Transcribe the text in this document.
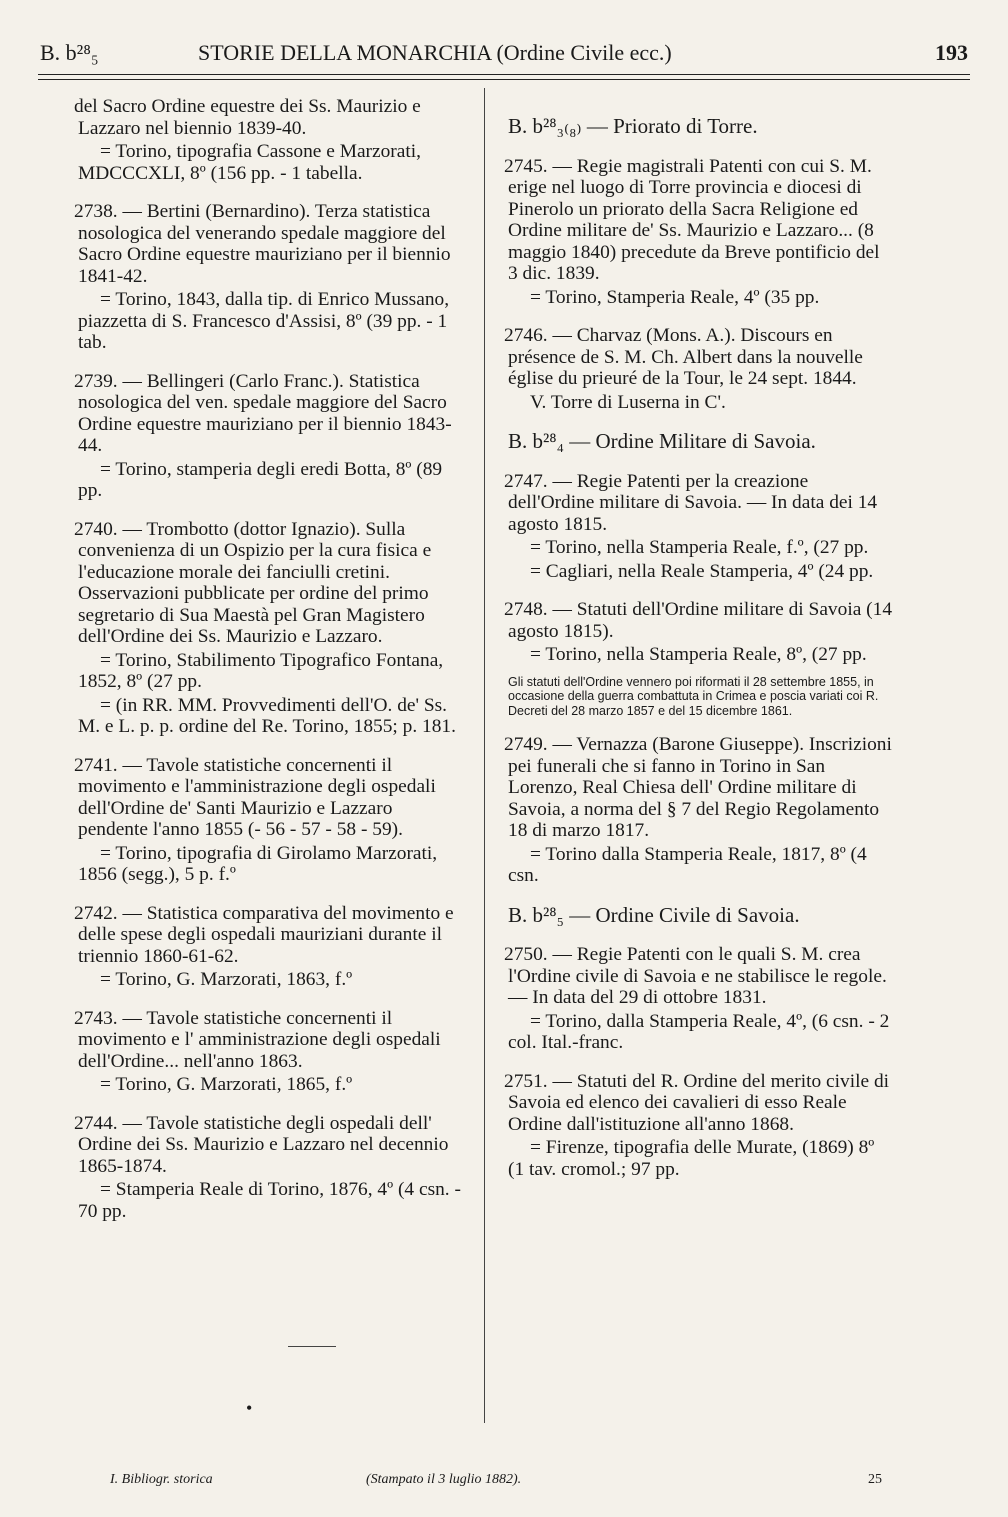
B. b²⁸₅	STORIE DELLA MONARCHIA (Ordine Civile ecc.)	193

del Sacro Ordine equestre dei Ss. Maurizio e Lazzaro nel biennio 1839-40.

= Torino, tipografia Cassone e Marzorati, MDCCCXLI, 8º (156 pp. - 1 tabella.

2738. — Bertini (Bernardino). Terza statistica nosologica del venerando spedale maggiore del Sacro Ordine equestre mauriziano per il biennio 1841-42.

= Torino, 1843, dalla tip. di Enrico Mussano, piazzetta di S. Francesco d'Assisi, 8º (39 pp. - 1 tab.

2739. — Bellingeri (Carlo Franc.). Statistica nosologica del ven. spedale maggiore del Sacro Ordine equestre mauriziano per il biennio 1843-44.

= Torino, stamperia degli eredi Botta, 8º (89 pp.

2740. — Trombotto (dottor Ignazio). Sulla convenienza di un Ospizio per la cura fisica e l'educazione morale dei fanciulli cretini. Osservazioni pubblicate per ordine del primo segretario di Sua Maestà pel Gran Magistero dell'Ordine dei Ss. Maurizio e Lazzaro.

= Torino, Stabilimento Tipografico Fontana, 1852, 8º (27 pp.

= (in RR. MM. Provvedimenti dell'O. de' Ss. M. e L. p. p. ordine del Re. Torino, 1855; p. 181.

2741. — Tavole statistiche concernenti il movimento e l'amministrazione degli ospedali dell'Ordine de' Santi Maurizio e Lazzaro pendente l'anno 1855 (- 56 - 57 - 58 - 59).

= Torino, tipografia di Girolamo Marzorati, 1856 (segg.), 5 p. f.º

2742. — Statistica comparativa del movimento e delle spese degli ospedali mauriziani durante il triennio 1860-61-62.

= Torino, G. Marzorati, 1863, f.º

2743. — Tavole statistiche concernenti il movimento e l' amministrazione degli ospedali dell'Ordine... nell'anno 1863.

= Torino, G. Marzorati, 1865, f.º

2744. — Tavole statistiche degli ospedali dell' Ordine dei Ss. Maurizio e Lazzaro nel decennio 1865-1874.

= Stamperia Reale di Torino, 1876, 4º (4 csn. - 70 pp.

B. b²⁸₃₍₈₎ — Priorato di Torre.

2745. — Regie magistrali Patenti con cui S. M. erige nel luogo di Torre provincia e diocesi di Pinerolo un priorato della Sacra Religione ed Ordine militare de' Ss. Maurizio e Lazzaro... (8 maggio 1840) precedute da Breve pontificio del 3 dic. 1839.

= Torino, Stamperia Reale, 4º (35 pp.

2746. — Charvaz (Mons. A.). Discours en présence de S. M. Ch. Albert dans la nouvelle église du prieuré de la Tour, le 24 sept. 1844.

V. Torre di Luserna in C'.

B. b²⁸₄ — Ordine Militare di Savoia.

2747. — Regie Patenti per la creazione dell'Ordine militare di Savoia. — In data dei 14 agosto 1815.

= Torino, nella Stamperia Reale, f.º, (27 pp.

= Cagliari, nella Reale Stamperia, 4º (24 pp.

2748. — Statuti dell'Ordine militare di Savoia (14 agosto 1815).

= Torino, nella Stamperia Reale, 8º, (27 pp.

Gli statuti dell'Ordine vennero poi riformati il 28 settembre 1855, in occasione della guerra combattuta in Crimea e poscia variati coi R. Decreti del 28 marzo 1857 e del 15 dicembre 1861.

2749. — Vernazza (Barone Giuseppe). Inscrizioni pei funerali che si fanno in Torino in San Lorenzo, Real Chiesa dell' Ordine militare di Savoia, a norma del § 7 del Regio Regolamento 18 di marzo 1817.

= Torino dalla Stamperia Reale, 1817, 8º (4 csn.

B. b²⁸₅ — Ordine Civile di Savoia.

2750. — Regie Patenti con le quali S. M. crea l'Ordine civile di Savoia e ne stabilisce le regole. — In data del 29 di ottobre 1831.

= Torino, dalla Stamperia Reale, 4º, (6 csn. - 2 col. Ital.-franc.

2751. — Statuti del R. Ordine del merito civile di Savoia ed elenco dei cavalieri di esso Reale Ordine dall'istituzione all'anno 1868.

= Firenze, tipografia delle Murate, (1869) 8º (1 tav. cromol.; 97 pp.

•
I. Bibliogr. storica	(Stampato il 3 luglio 1882).	25
